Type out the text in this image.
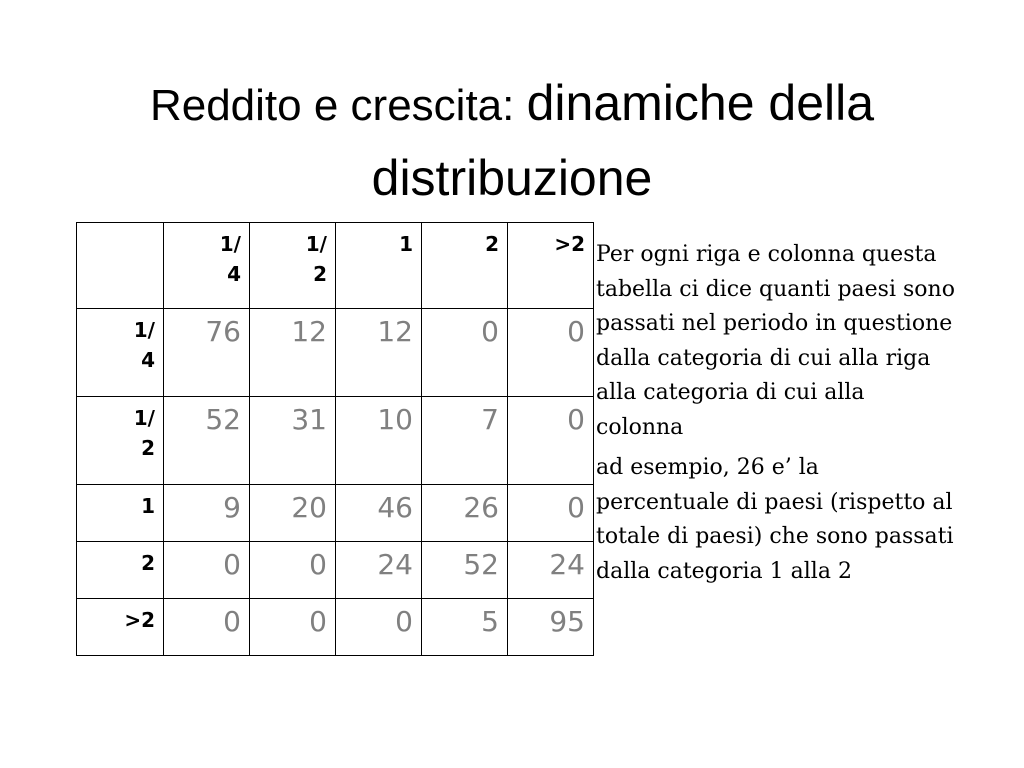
Reddito e crescita: dinamiche della distribuzione
	1/ 4	1/ 2	1	2	>2
1/ 4	76	12	12	0	0
1/ 2	52	31	10	7	0
1	9	20	46	26	0
2	0	0	24	52	24
>2	0	0	0	5	95

Per ogni riga e colonna questa tabella ci dice quanti paesi sono passati nel periodo in questione dalla categoria di cui alla riga alla categoria di cui alla colonna

ad esempio, 26 e’ la percentuale di paesi (rispetto al totale di paesi) che sono passati dalla categoria 1 alla 2
